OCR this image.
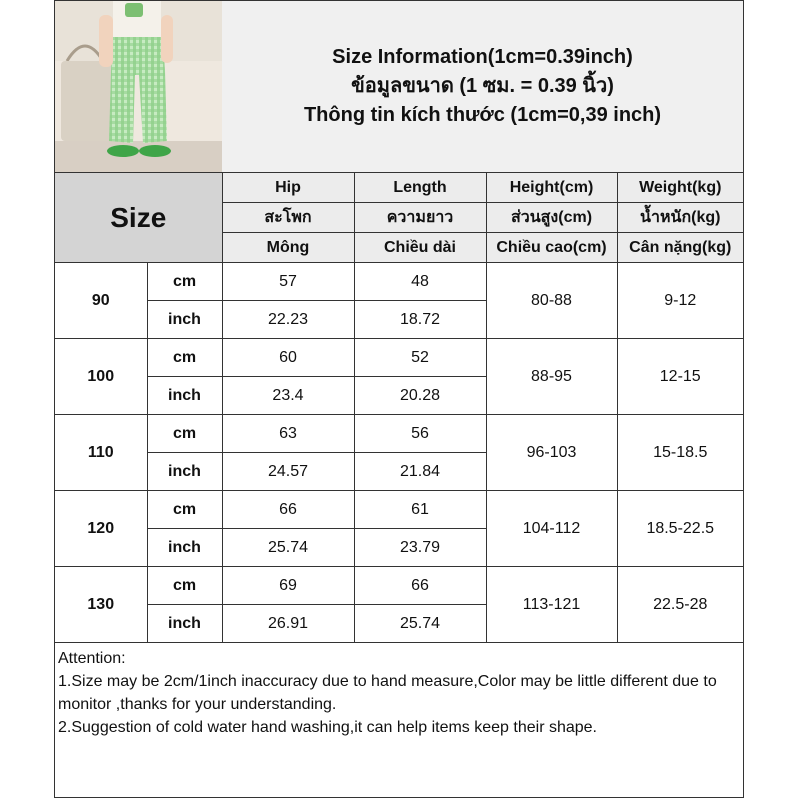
Size Information(1cm=0.39inch)
ข้อมูลขนาด (1 ซม. = 0.39 นิ้ว)
Thông tin kích thước (1cm=0,39 inch)
Size		Hip	Length	Height(cm)	Weight(kg)
		สะโพก	ความยาว	ส่วนสูง(cm)	น้ำหนัก(kg)
		Mông	Chiều dài	Chiều cao(cm)	Cân nặng(kg)
90	cm	57	48	80-88	9-12
	inch	22.23	18.72		
100	cm	60	52	88-95	12-15
	inch	23.4	20.28		
110	cm	63	56	96-103	15-18.5
	inch	24.57	21.84		
120	cm	66	61	104-112	18.5-22.5
	inch	25.74	23.79		
130	cm	69	66	113-121	22.5-28
	inch	26.91	25.74		
Attention:
1.Size may be 2cm/1inch inaccuracy due to hand measure,Color may be little different due to monitor ,thanks for your understanding.
2.Suggestion of cold water hand washing,it can help items keep their shape.
